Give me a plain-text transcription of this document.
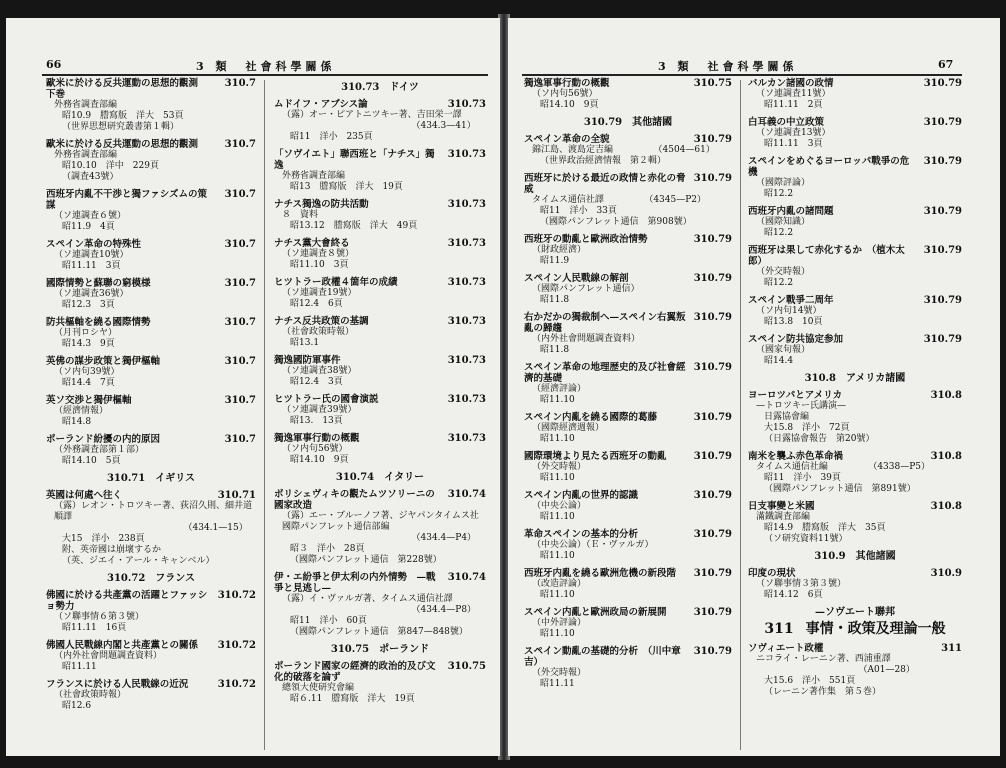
66	3 類　社會科學關係
歐米に於ける反共運動の思想的觀測　下巻
310.7
外務省調査部編
昭10.9　謄寫版　洋大　53頁
（世界思想研究叢書第１輯）
歐米に於ける反共運動の思想的觀測	310.7
外務省調査部編
昭10.10　洋中　229頁
（調査43號）
西班牙内亂不干渉と獨ファシズムの策謀
310.7
（ソ連調査６號）
昭11.9　4頁
スペイン革命の特殊性	310.7
（ソ連調査10號）
昭11.11　3頁
國際情勢と蘇聯の窮模様	310.7
（ソ連調査36號）
昭12.3　3頁
防共樞軸を繞る國際情勢	310.7
（月刊ロシヤ）
昭14.3　9頁
英佛の謀步政策と獨伊樞軸	310.7
（ソ内句39號）
昭14.4　7頁
英ソ交渉と獨伊樞軸	310.7
（經濟情報）
昭14.8
ポーランド紛擾の内的原因	310.7
（外務調査部第１部）
昭14.10　5頁
310.71 イギリス
英國は何處へ往く	310.71
（露）レオン・トロツキー著、荻沼久則、細井道順譯
　　　　　　　　　　　　　　（434.1—15）
大15　洋小　238頁
附、英帝國は崩壞するか
（英、ジエイ・アール・キャンベル）
310.72 フランス
佛國に於ける共產黨の活躍とファッショ勢力
310.72
（ソ聯事情６第３號）
昭11.11　16頁
佛國人民戰線内閣と共產黨との關係	310.72
（内外社會問題調査資料）
昭11.11
フランスに於ける人民戰線の近況	310.72
（社會政策時報）
昭12.6
310.73 ドイツ
ムドイフ・アブシス論	310.73
（露）オー・ピアトニツキー著、吉田栄一譯
　　　　　　　　　　　　　　（434.3—41）
昭11　洋小　235頁
「ソヴイエト」聯西班と「ナチス」獨逸
310.73
外務省調査部編
昭13　謄寫版　洋大　19頁
ナチス獨逸の防共活動	310.73
８　資料
昭13.12　謄寫版　洋大　49頁
ナチス黨大會終る	310.73
（ソ連調査８號）
昭11.10　3頁
ヒツトラー政權４箇年の成績	310.73
（ソ連調査19號）
昭12.4　6頁
ナチス反共政策の基調	310.73
（社會政策時報）
昭13.1
獨逸國防軍事件	310.73
（ソ連調査38號）
昭12.4　3頁
ヒツトラー氏の國會演説	310.73
（ソ連調査39號）
昭13.　13頁
獨逸軍事行動の概觀	310.73
（ソ内句56號）
昭14.10　9頁
310.74 イタリー
ボリシェヴィキの觀たムツソリーニの國家改造
310.74
（露）エー・ブルーノフ著、ジヤパンタイムス社國際パンフレット通信部編
　　　　　　　　　　　　　　（434.4—P4）
昭３　洋小　28頁
（國際パンフレット通信　第228號）
伊・エ紛爭と伊太利の内外情勢　—戰爭と見逃し—
310.74
（露）イ・ヴァルガ著、タイムス通信社譯
　　　　　　　　　　　　　　（434.4—P8）
昭11　洋小　60頁
（國際パンフレット通信　第847—848號）
310.75 ポーランド
ポーランド國家の經濟的政治的及び文化的破落を論ず
310.75
總領大使研究會編
昭６.11　謄寫版　洋大　19頁
3 類　社會科學關係	67
獨逸軍事行動の概觀	310.75
（ソ内句56號）
昭14.10　9頁
310.79 其他諸國
スペイン革命の全貌	310.79
錦江島、渡島定吉編　　　　　（4504—61）
（世界政治經濟情報　第２輯）
西班牙に於ける最近の政情と赤化の脅威
310.79
タイムス通信社譯　　　　　（4345—P2）
昭11　洋小　33頁
（國際パンフレット通信　第908號）
西班牙の動亂と歐洲政治情勢	310.79
（財政經濟）
昭11.9
スペイン人民戰線の解剖	310.79
（國際パンフレット通信）
昭11.8
右かだかの獨裁制へ—スペイン右翼叛亂の歸趨
310.79
（内外社會問題調査資料）
昭11.8
スペイン革命の地理歴史的及び社會經濟的基礎
310.79
（經濟評論）
昭11.10
スペイン内亂を繞る國際的葛藤	310.79
（國際經濟週報）
昭11.10
國際環境より見たる西班牙の動亂	310.79
（外交時報）
昭11.10
スペイン内亂の世界的認識	310.79
（中央公論）
昭11.10
革命スペインの基本的分析	310.79
（中央公論）（Ｅ・ヴァルガ）
昭11.10
西班牙内亂を繞る歐洲危機の新段階	310.79
（改造評論）
昭11.10
スペイン内亂と歐洲政局の新展開	310.79
（中外評論）
昭11.10
スペイン動亂の基礎的分析　（川中章吉）
310.79
（外交時報）
昭11.11
バルカン諸國の政情	310.79
（ソ連調査11號）
昭11.11　2頁
白耳義の中立政策	310.79
（ソ連調査13號）
昭11.11　3頁
スペインをめぐるヨーロッパ戰爭の危機
310.79
（國際評論）
昭12.2
西班牙内亂の諸問題	310.79
（國際知識）
昭12.2
西班牙は果して赤化するか　（植木太郎）
310.79
（外交時報）
昭12.2
スペイン戰爭二周年	310.79
（ソ内句14號）
昭13.8　10頁
スペイン防共協定参加	310.79
（國家旬報）
昭14.4
310.8 アメリカ諸國
ヨーロツパとアメリカ	310.8
—トロツキー氏講演—
日露協會編
大15.8　洋小　72頁
（日露協會報告　第20號）
南米を襲ふ赤色革命禍	310.8
タイムス通信社編　　　　　（4338—P5）
昭11　洋小　39頁
（國際パンフレット通信　第891號）
日支事變と米國	310.8
滿鐵調査部編
昭14.9　謄寫版　洋大　35頁
（ソ研究資料11號）
310.9 其他諸國
印度の現状	310.9
（ソ聯事情３第３號）
昭14.12　6頁
—ソヴエート聯邦
311 事情・政策及理論一般
ソヴィエート政權	311
ニコライ・レーニン著、西浦重譯
　　　　　　　　　　　（A01—28）
大15.6　洋小　551頁
（レーニン著作集　第５巻）
